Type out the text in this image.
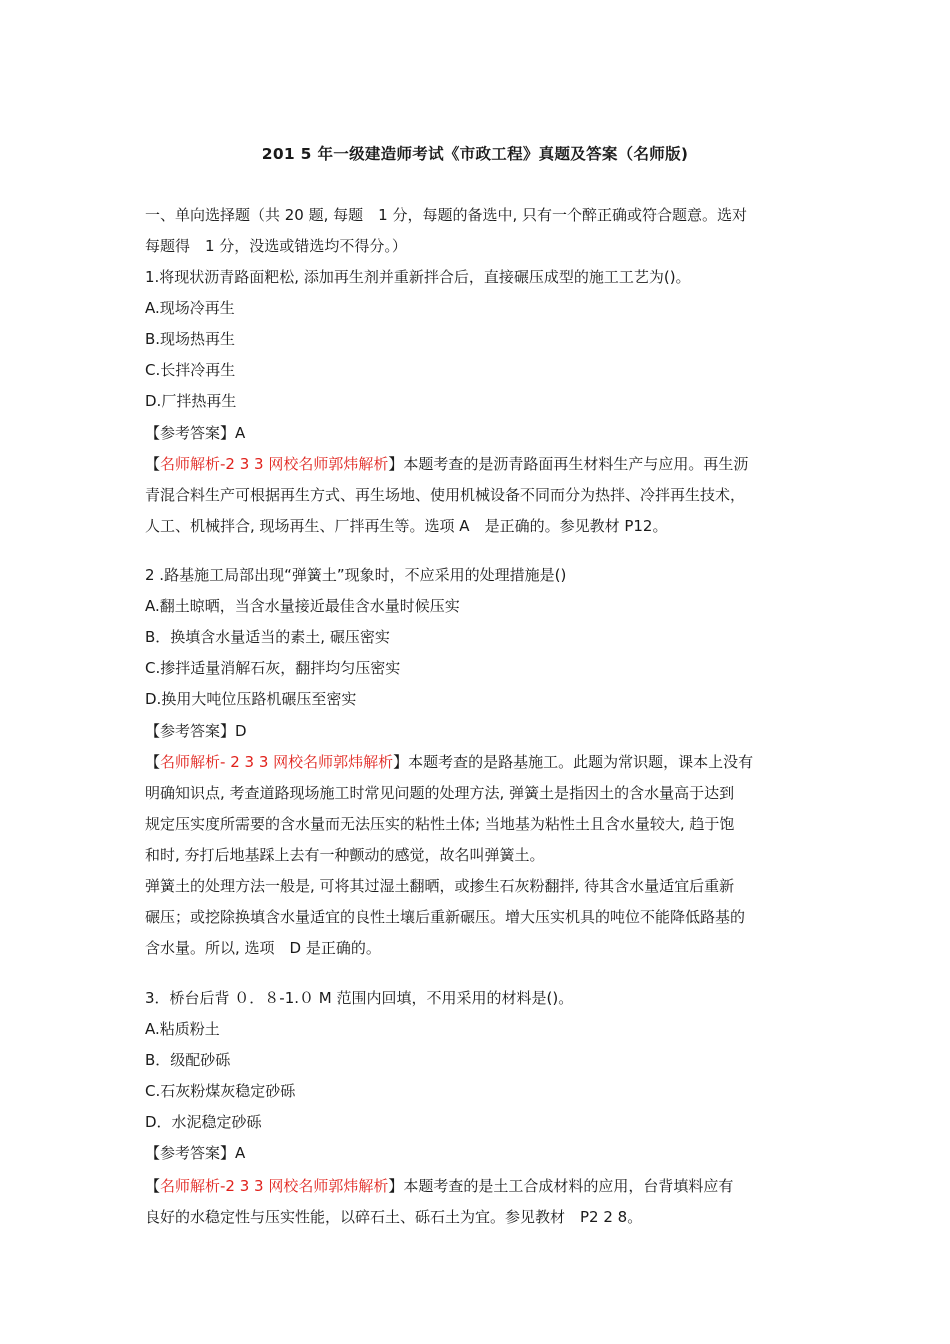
201 5 年一级建造师考试《市政工程》真题及答案（名师版)
一、单向选择题（共 20 题, 每题　1 分，每题的备选中, 只有一个醉正确或符合题意。选对
每题得　1 分，没选或错选均不得分。）
1.将现状沥青路面粑松, 添加再生剂并重新拌合后，直接碾压成型的施工工艺为()。
A.现场冷再生
B.现场热再生
C.长拌冷再生
D.厂拌热再生
【参考答案】A
【名师解析-2 3 3 网校名师郭炜解析】本题考查的是沥青路面再生材料生产与应用。再生沥
青混合料生产可根据再生方式、再生场地、使用机械设备不同而分为热拌、冷拌再生技术，
人工、机械拌合, 现场再生、厂拌再生等。选项 A　是正确的。参见教材 P12。
2 .路基施工局部出现“弹簧土”现象时，不应采用的处理措施是()
A.翻土晾晒，当含水量接近最佳含水量时候压实
B．换填含水量适当的素土, 碾压密实
C.掺拌适量消解石灰，翻拌均匀压密实
D.换用大吨位压路机碾压至密实
【参考答案】D
【名师解析- 2 3 3 网校名师郭炜解析】本题考查的是路基施工。此题为常识题，课本上没有
明确知识点, 考查道路现场施工时常见问题的处理方法, 弹簧土是指因土的含水量高于达到
规定压实度所需要的含水量而无法压实的粘性土体; 当地基为粘性土且含水量较大, 趋于饱
和时, 夯打后地基踩上去有一种颤动的感觉，故名叫弹簧土。
弹簧土的处理方法一般是, 可将其过湿土翻晒，或掺生石灰粉翻拌, 待其含水量适宜后重新
碾压；或挖除换填含水量适宜的良性土壤后重新碾压。增大压实机具的吨位不能降低路基的
含水量。所以, 选项　D 是正确的。
3．桥台后背 ０．８-1.０ M 范围内回填，不用采用的材料是()。
A.粘质粉土
B．级配砂砾
C.石灰粉煤灰稳定砂砾
D．水泥稳定砂砾
【参考答案】A
【名师解析-2 3 3 网校名师郭炜解析】本题考查的是土工合成材料的应用，台背填料应有
良好的水稳定性与压实性能，以碎石土、砾石土为宜。参见教材　P2 2 8。
